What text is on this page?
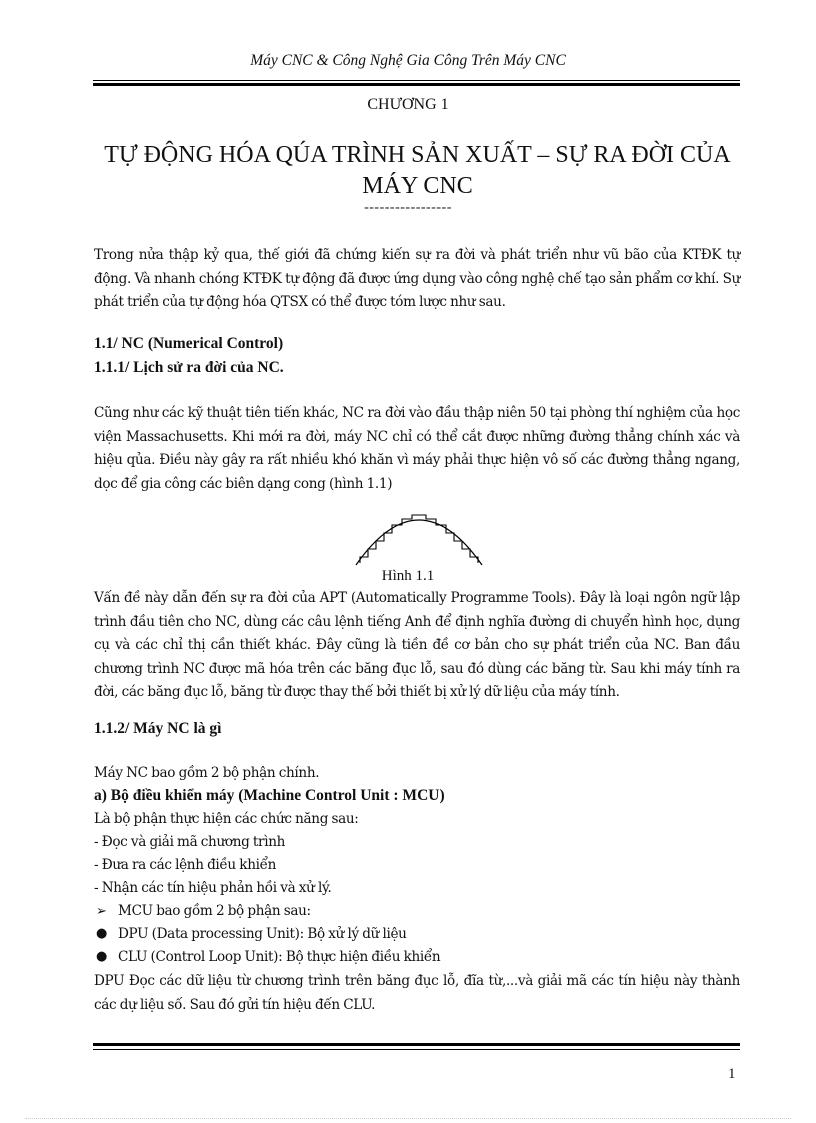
Máy CNC & Công Nghệ Gia Công Trên Máy CNC
CHƯƠNG 1
TỰ ĐỘNG HÓA QÚA TRÌNH SẢN XUẤT – SỰ RA ĐỜI CỦA MÁY CNC
-----------------
Trong nửa thập kỷ qua, thế giới đã chứng kiến sự ra đời và phát triển như vũ bão của KTĐK tự động. Và nhanh chóng KTĐK tự động đã được ứng dụng vào công nghệ chế tạo sản phẩm cơ khí. Sự phát triển của tự động hóa QTSX có thể được tóm lược như sau.
1.1/ NC (Numerical Control)
1.1.1/ Lịch sử ra đời của NC.
Cũng như các kỹ thuật tiên tiến khác, NC ra đời vào đầu thập niên 50 tại phòng thí nghiệm của học viện Massachusetts. Khi mới ra đời, máy NC chỉ có thể cắt được những đường thẳng chính xác và hiệu qủa. Điều này gây ra rất nhiều khó khăn vì máy phải thực hiện vô số các đường thẳng ngang, dọc để gia công các biên dạng cong (hình 1.1)
Hình 1.1
Vấn đề này dẫn đến sự ra đời của APT (Automatically Programme Tools). Đây là loại ngôn ngữ lập trình đầu tiên cho NC, dùng các câu lệnh tiếng Anh để định nghĩa đường di chuyển hình học, dụng cụ và các chỉ thị cần thiết khác. Đây cũng là tiền đề cơ bản cho sự phát triển của NC. Ban đầu chương trình NC được mã hóa trên các băng đục lỗ, sau đó dùng các băng từ. Sau khi máy tính ra đời, các băng đục lỗ, băng từ được thay thế bởi thiết bị xử lý dữ liệu của máy tính.
1.1.2/ Máy NC là gì
Máy NC bao gồm 2 bộ phận chính.
a) Bộ điều khiển máy (Machine Control Unit : MCU)
Là bộ phận thực hiện các chức năng sau:
- Đọc và giải mã chương trình
- Đưa ra các lệnh điều khiển
- Nhận các tín hiệu phản hồi và xử lý.
➢ MCU bao gồm 2 bộ phận sau:
● DPU (Data processing Unit): Bộ xử lý dữ liệu
● CLU (Control Loop Unit): Bộ thực hiện điều khiển
DPU Đọc các dữ liệu từ chương trình trên băng đục lỗ, đĩa từ,...và giải mã các tín hiệu này thành các dự liệu số. Sau đó gửi tín hiệu đến CLU.
1
